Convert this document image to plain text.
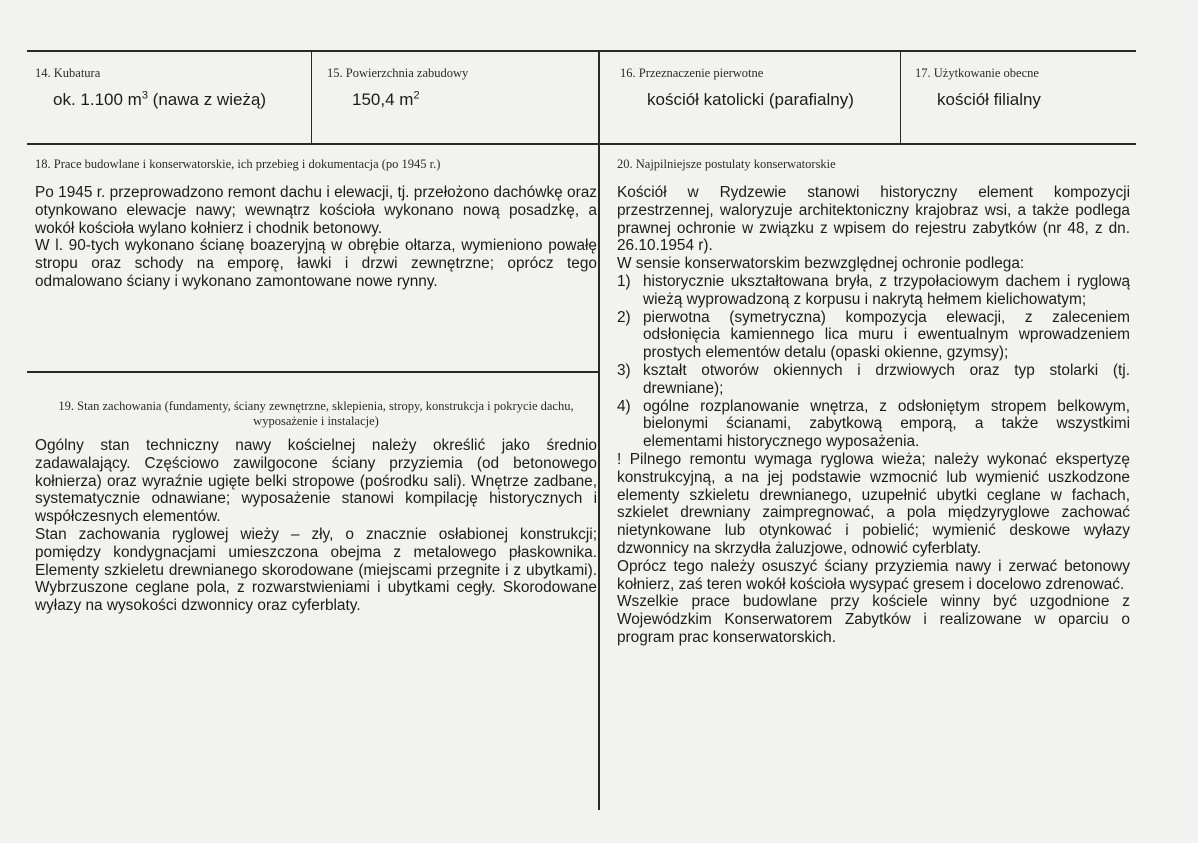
14. Kubatura
ok. 1.100 $m^3$ (nawa z wieżą)
15. Powierzchnia zabudowy
150,4 $m^2$
16. Przeznaczenie pierwotne
kościół katolicki (parafialny)
17. Użytkowanie obecne
kościół filialny
18. Prace budowlane i konserwatorskie, ich przebieg i dokumentacja (po 1945 r.)

Po 1945 r. przeprowadzono remont dachu i elewacji, tj. przełożono dachówkę oraz otynkowano elewacje nawy; wewnątrz kościoła wykonano nową posadzkę, a wokół kościoła wylano kołnierz i chodnik betonowy.

W l. 90-tych wykonano ścianę boazeryjną w obrębie ołtarza, wymieniono powałę stropu oraz schody na emporę, ławki i drzwi zewnętrzne; oprócz tego odmalowano ściany i wykonano zamontowane nowe rynny.

19. Stan zachowania (fundamenty, ściany zewnętrzne, sklepienia, stropy, konstrukcja i pokrycie dachu, wyposażenie i instalacje)

Ogólny stan techniczny nawy kościelnej należy określić jako średnio zadawalający. Częściowo zawilgocone ściany przyziemia (od betonowego kołnierza) oraz wyraźnie ugięte belki stropowe (pośrodku sali). Wnętrze zadbane, systematycznie odnawiane; wyposażenie stanowi kompilację historycznych i współczesnych elementów.

Stan zachowania ryglowej wieży – zły, o znacznie osłabionej konstrukcji; pomiędzy kondygnacjami umieszczona obejma z metalowego płaskownika. Elementy szkieletu drewnianego skorodowane (miejscami przegnite i z ubytkami). Wybrzuszone ceglane pola, z rozwarstwieniami i ubytkami cegły. Skorodowane wyłazy na wysokości dzwonnicy oraz cyferblaty.

20. Najpilniejsze postulaty konserwatorskie

Kościół w Rydzewie stanowi historyczny element kompozycji przestrzennej, waloryzuje architektoniczny krajobraz wsi, a także podlega prawnej ochronie w związku z wpisem do rejestru zabytków (nr 48, z dn. 26.10.1954 r).

W sensie konserwatorskim bezwzględnej ochronie podlega:

1) historycznie ukształtowana bryła, z trzypołaciowym dachem i ryglową wieżą wyprowadzoną z korpusu i nakrytą hełmem kielichowatym;
2) pierwotna (symetryczna) kompozycja elewacji, z zaleceniem odsłonięcia kamiennego lica muru i ewentualnym wprowadzeniem prostych elementów detalu (opaski okienne, gzymsy);
3) kształt otworów okiennych i drzwiowych oraz typ stolarki (tj. drewniane);
4) ogólne rozplanowanie wnętrza, z odsłoniętym stropem belkowym, bielonymi ścianami, zabytkową emporą, a także wszystkimi elementami historycznego wyposażenia.

! Pilnego remontu wymaga ryglowa wieża; należy wykonać ekspertyzę konstrukcyjną, a na jej podstawie wzmocnić lub wymienić uszkodzone elementy szkieletu drewnianego, uzupełnić ubytki ceglane w fachach, szkielet drewniany zaimpregnować, a pola międzyryglowe zachować nietynkowane lub otynkować i pobielić; wymienić deskowe wyłazy dzwonnicy na skrzydła żaluzjowe, odnowić cyferblaty.

Oprócz tego należy osuszyć ściany przyziemia nawy i zerwać betonowy kołnierz, zaś teren wokół kościoła wysypać gresem i docelowo zdrenować.

Wszelkie prace budowlane przy kościele winny być uzgodnione z Wojewódzkim Konserwatorem Zabytków i realizowane w oparciu o program prac konserwatorskich.
